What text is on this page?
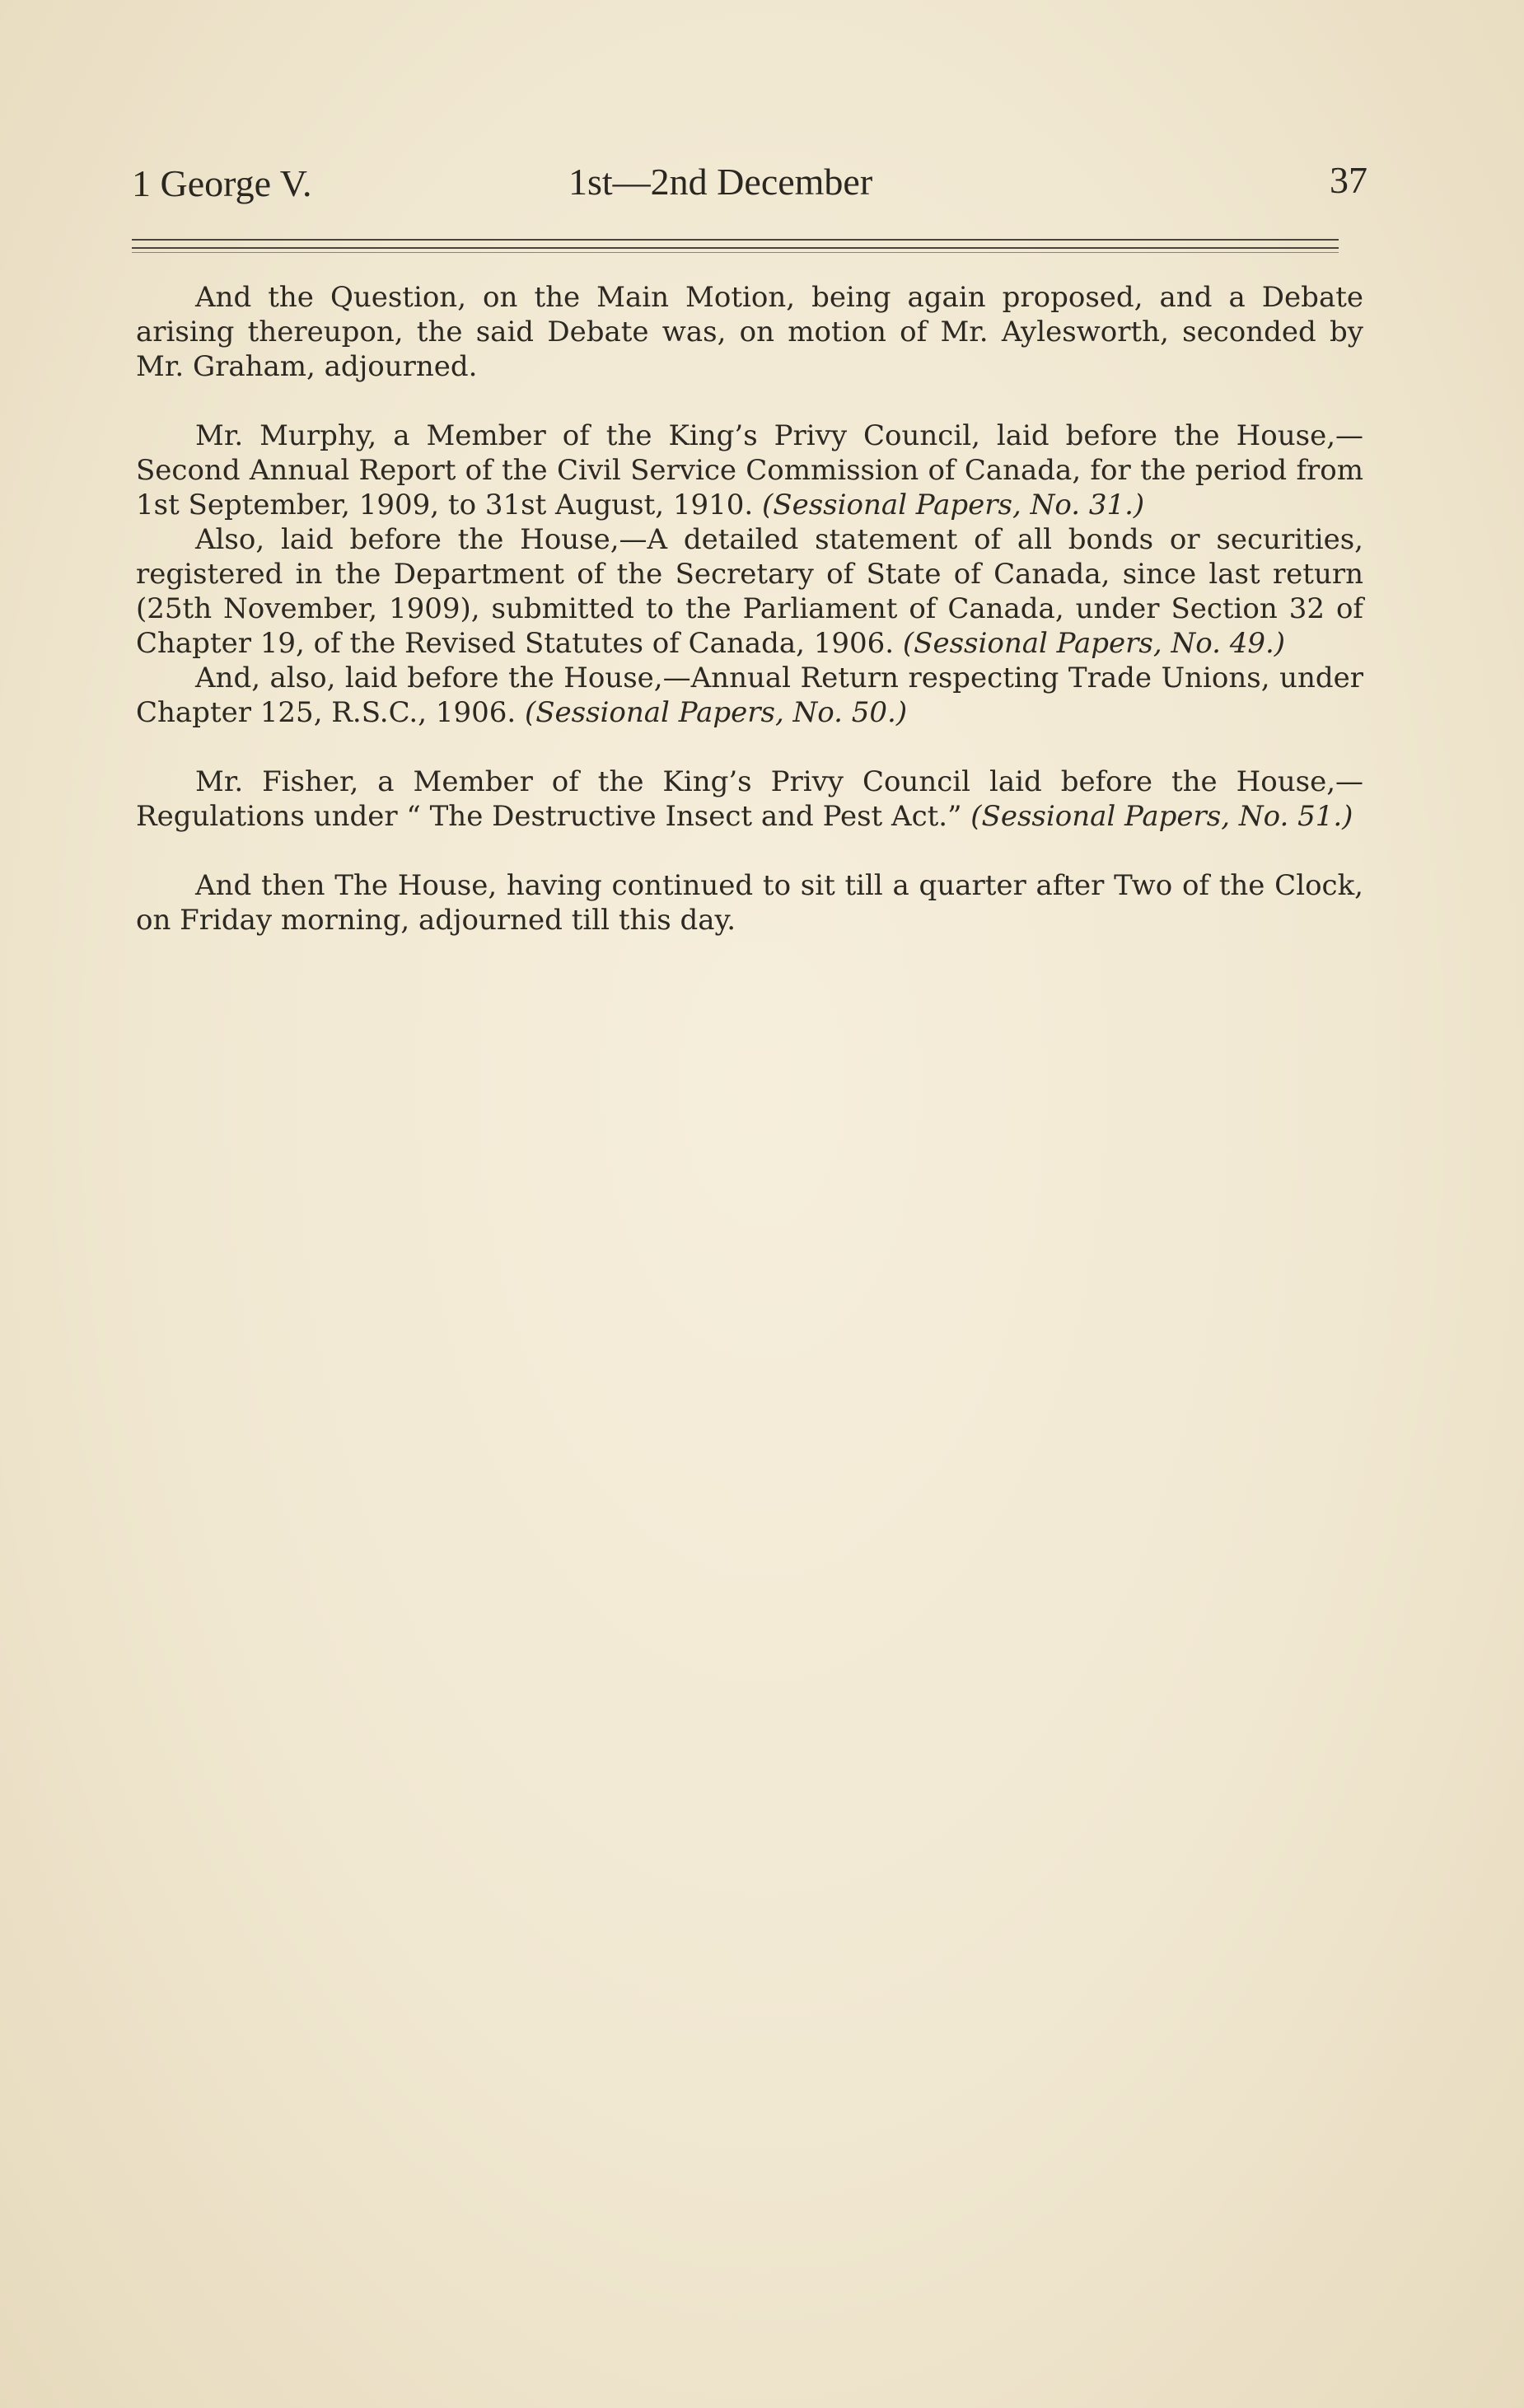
1 George V.	1st—2nd December	37

And the Question, on the Main Motion, being again proposed, and a Debate arising thereupon, the said Debate was, on motion of Mr. Aylesworth, seconded by Mr. Graham, adjourned.

Mr. Murphy, a Member of the King’s Privy Council, laid before the House,—Second Annual Report of the Civil Service Commission of Canada, for the period from 1st September, 1909, to 31st August, 1910. (Sessional Papers, No. 31.)

Also, laid before the House,—A detailed statement of all bonds or securities, registered in the Department of the Secretary of State of Canada, since last return (25th November, 1909), submitted to the Parliament of Canada, under Section 32 of Chapter 19, of the Revised Statutes of Canada, 1906. (Sessional Papers, No. 49.)

And, also, laid before the House,—Annual Return respecting Trade Unions, under Chapter 125, R.S.C., 1906. (Sessional Papers, No. 50.)

Mr. Fisher, a Member of the King’s Privy Council laid before the House,—Regulations under “ The Destructive Insect and Pest Act.” (Sessional Papers, No. 51.)

And then The House, having continued to sit till a quarter after Two of the Clock, on Friday morning, adjourned till this day.
